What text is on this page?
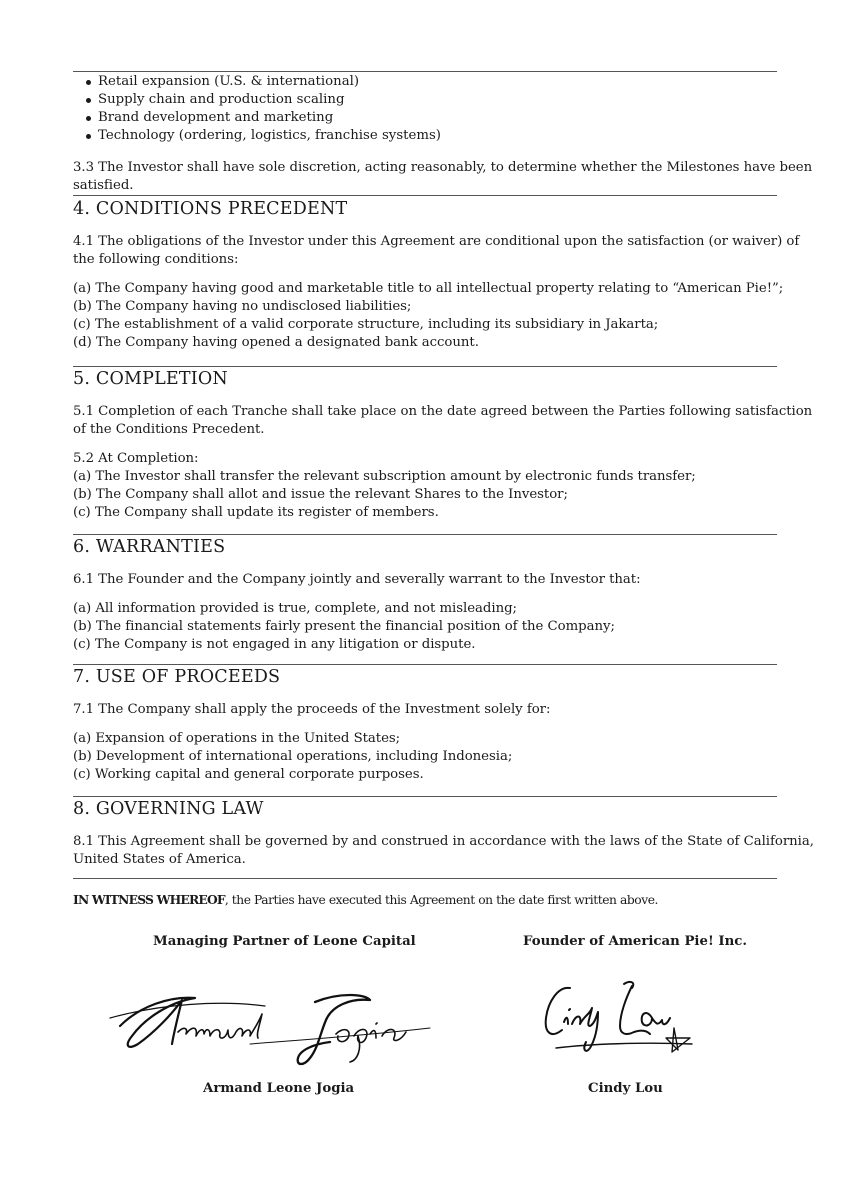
Retail expansion (U.S. & international)
Supply chain and production scaling
Brand development and marketing
Technology (ordering, logistics, franchise systems)
3.3 The Investor shall have sole discretion, acting reasonably, to determine whether the Milestones have been
satisfied.
4. CONDITIONS PRECEDENT
4.1 The obligations of the Investor under this Agreement are conditional upon the satisfaction (or waiver) of
the following conditions:
(a) The Company having good and marketable title to all intellectual property relating to “American Pie!”;
(b) The Company having no undisclosed liabilities;
(c) The establishment of a valid corporate structure, including its subsidiary in Jakarta;
(d) The Company having opened a designated bank account.
5. COMPLETION
5.1 Completion of each Tranche shall take place on the date agreed between the Parties following satisfaction
of the Conditions Precedent.
5.2 At Completion:
(a) The Investor shall transfer the relevant subscription amount by electronic funds transfer;
(b) The Company shall allot and issue the relevant Shares to the Investor;
(c) The Company shall update its register of members.
6. WARRANTIES
6.1 The Founder and the Company jointly and severally warrant to the Investor that:
(a) All information provided is true, complete, and not misleading;
(b) The financial statements fairly present the financial position of the Company;
(c) The Company is not engaged in any litigation or dispute.
7. USE OF PROCEEDS
7.1 The Company shall apply the proceeds of the Investment solely for:
(a) Expansion of operations in the United States;
(b) Development of international operations, including Indonesia;
(c) Working capital and general corporate purposes.
8. GOVERNING LAW
8.1 This Agreement shall be governed by and construed in accordance with the laws of the State of California,
United States of America.
IN WITNESS WHEREOF, the Parties have executed this Agreement on the date first written above.
Managing Partner of Leone Capital	Founder of American Pie! Inc.
Armand Leone Jogia	Cindy Lou
